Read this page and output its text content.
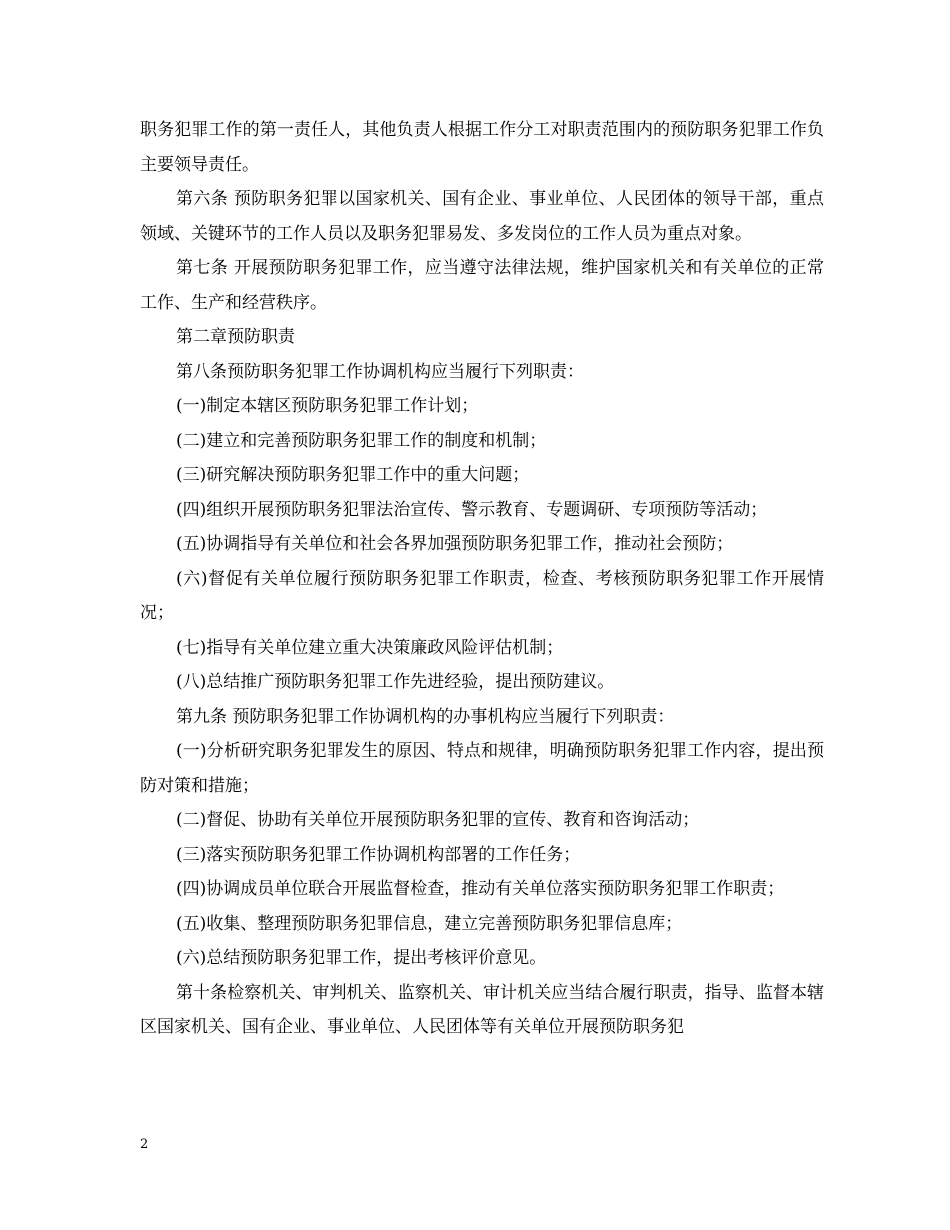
职务犯罪工作的第一责任人，其他负责人根据工作分工对职责范围内的预防职务犯罪工作负主要领导责任。

第六条 预防职务犯罪以国家机关、国有企业、事业单位、人民团体的领导干部，重点领域、关键环节的工作人员以及职务犯罪易发、多发岗位的工作人员为重点对象。

第七条 开展预防职务犯罪工作，应当遵守法律法规，维护国家机关和有关单位的正常工作、生产和经营秩序。

第二章预防职责

第八条预防职务犯罪工作协调机构应当履行下列职责：

(一)制定本辖区预防职务犯罪工作计划；

(二)建立和完善预防职务犯罪工作的制度和机制；

(三)研究解决预防职务犯罪工作中的重大问题；

(四)组织开展预防职务犯罪法治宣传、警示教育、专题调研、专项预防等活动；

(五)协调指导有关单位和社会各界加强预防职务犯罪工作，推动社会预防；

(六)督促有关单位履行预防职务犯罪工作职责，检查、考核预防职务犯罪工作开展情况；

(七)指导有关单位建立重大决策廉政风险评估机制；

(八)总结推广预防职务犯罪工作先进经验，提出预防建议。

第九条 预防职务犯罪工作协调机构的办事机构应当履行下列职责：

(一)分析研究职务犯罪发生的原因、特点和规律，明确预防职务犯罪工作内容，提出预防对策和措施；

(二)督促、协助有关单位开展预防职务犯罪的宣传、教育和咨询活动；

(三)落实预防职务犯罪工作协调机构部署的工作任务；

(四)协调成员单位联合开展监督检查，推动有关单位落实预防职务犯罪工作职责；

(五)收集、整理预防职务犯罪信息，建立完善预防职务犯罪信息库；

(六)总结预防职务犯罪工作，提出考核评价意见。

第十条检察机关、审判机关、监察机关、审计机关应当结合履行职责，指导、监督本辖区国家机关、国有企业、事业单位、人民团体等有关单位开展预防职务犯

2
